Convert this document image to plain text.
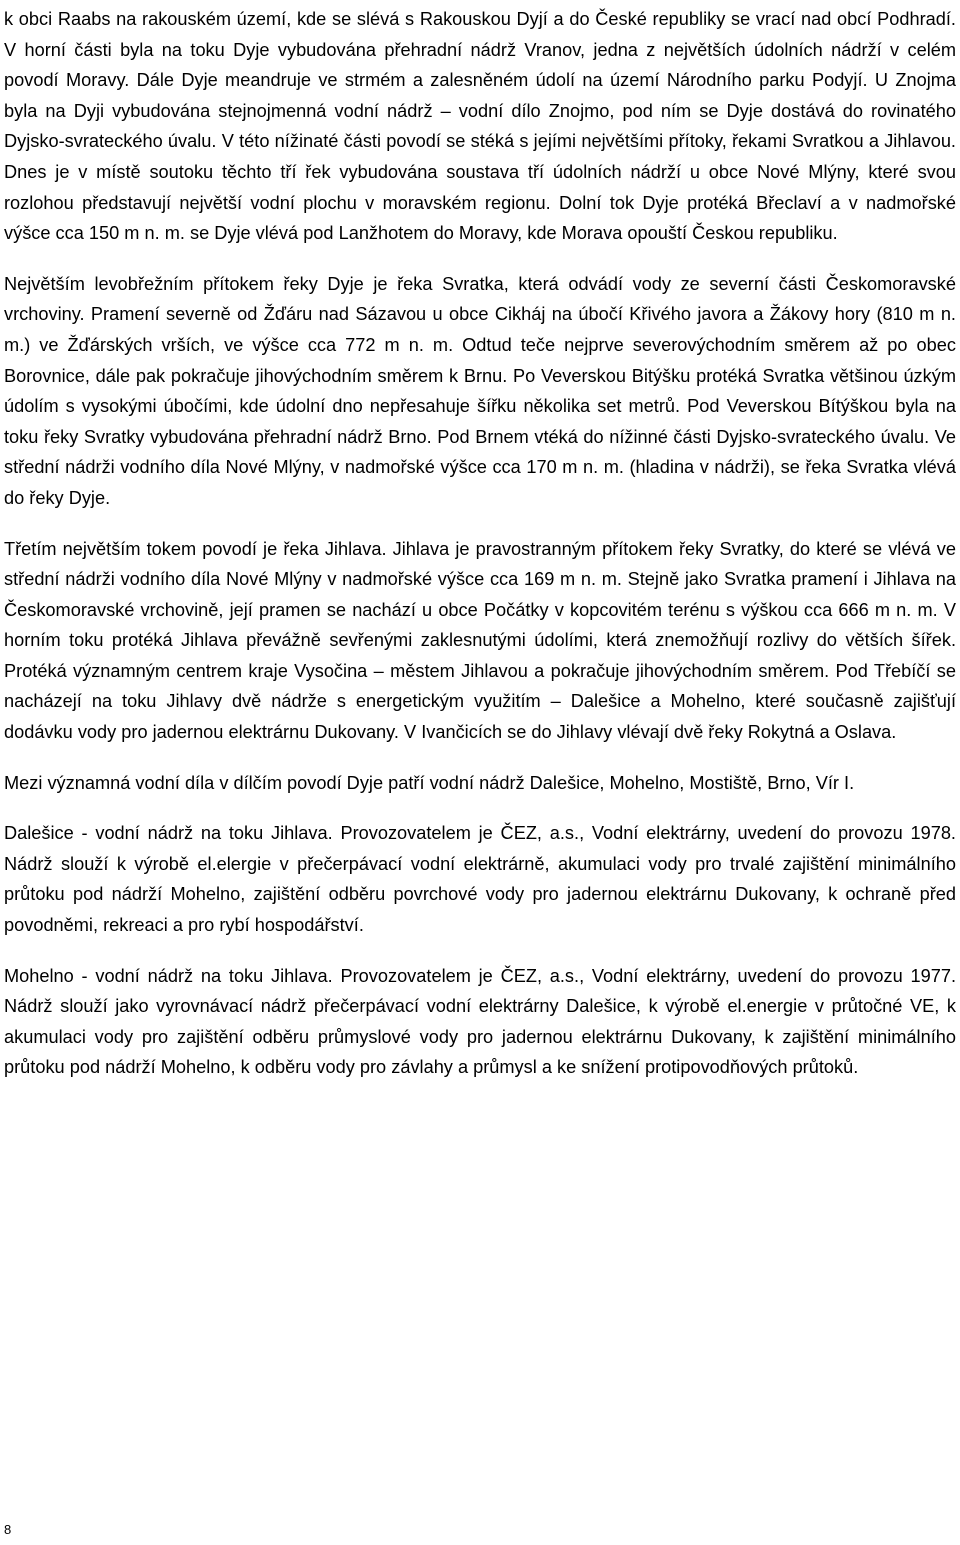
k obci Raabs na rakouském území, kde se slévá s Rakouskou Dyjí a do České republiky se vrací nad obcí Podhradí. V horní části byla na toku Dyje vybudována přehradní nádrž Vranov, jedna z největších údolních nádrží v celém povodí Moravy. Dále Dyje meandruje ve strmém a zalesněném údolí na území Národního parku Podyjí. U Znojma byla na Dyji vybudována stejnojmenná vodní nádrž – vodní dílo Znojmo, pod ním se Dyje dostává do rovinatého Dyjsko-svrateckého úvalu. V této nížinaté části povodí se stéká s jejími největšími přítoky, řekami Svratkou a Jihlavou. Dnes je v místě soutoku těchto tří řek vybudována soustava tří údolních nádrží u obce Nové Mlýny, které svou rozlohou představují největší vodní plochu v moravském regionu. Dolní tok Dyje protéká Břeclaví a v nadmořské výšce cca 150 m n. m. se Dyje vlévá pod Lanžhotem do Moravy, kde Morava opouští Českou republiku.

Největším levobřežním přítokem řeky Dyje je řeka Svratka, která odvádí vody ze severní části Českomoravské vrchoviny. Pramení severně od Žďáru nad Sázavou u obce Cikháj na úbočí Křivého javora a Žákovy hory (810 m n. m.) ve Žďárských vrších, ve výšce cca 772 m n. m. Odtud teče nejprve severovýchodním směrem až po obec Borovnice, dále pak pokračuje jihovýchodním směrem k Brnu. Po Veverskou Bitýšku protéká Svratka většinou úzkým údolím s vysokými úbočími, kde údolní dno nepřesahuje šířku několika set metrů. Pod Veverskou Bítýškou byla na toku řeky Svratky vybudována přehradní nádrž Brno. Pod Brnem vtéká do nížinné části Dyjsko-svrateckého úvalu. Ve střední nádrži vodního díla Nové Mlýny, v nadmořské výšce cca 170 m n. m. (hladina v nádrži), se řeka Svratka vlévá do řeky Dyje.

Třetím největším tokem povodí je řeka Jihlava. Jihlava je pravostranným přítokem řeky Svratky, do které se vlévá ve střední nádrži vodního díla Nové Mlýny v nadmořské výšce cca 169 m n. m. Stejně jako Svratka pramení i Jihlava na Českomoravské vrchovině, její pramen se nachází u obce Počátky v kopcovitém terénu s výškou cca 666 m n. m. V horním toku protéká Jihlava převážně sevřenými zaklesnutými údolími, která znemožňují rozlivy do větších šířek. Protéká významným centrem kraje Vysočina – městem Jihlavou a pokračuje jihovýchodním směrem. Pod Třebíčí se nacházejí na toku Jihlavy dvě nádrže s energetickým využitím – Dalešice a Mohelno, které současně zajišťují dodávku vody pro jadernou elektrárnu Dukovany. V Ivančicích se do Jihlavy vlévají dvě řeky Rokytná a Oslava.

Mezi významná vodní díla v dílčím povodí Dyje patří vodní nádrž Dalešice, Mohelno, Mostiště, Brno, Vír I.

Dalešice - vodní nádrž na toku Jihlava. Provozovatelem je ČEZ, a.s., Vodní elektrárny, uvedení do provozu 1978. Nádrž slouží k výrobě el.elergie v přečerpávací vodní elektrárně, akumulaci vody pro trvalé zajištění minimálního průtoku pod nádrží Mohelno, zajištění odběru povrchové vody pro jadernou elektrárnu Dukovany, k ochraně před povodněmi, rekreaci a pro rybí hospodářství.

Mohelno - vodní nádrž na toku Jihlava. Provozovatelem je ČEZ, a.s., Vodní elektrárny, uvedení do provozu 1977. Nádrž slouží jako vyrovnávací nádrž přečerpávací vodní elektrárny Dalešice, k výrobě el.energie v průtočné VE, k akumulaci vody pro zajištění odběru průmyslové vody pro jadernou elektrárnu Dukovany, k zajištění minimálního průtoku pod nádrží Mohelno, k odběru vody pro závlahy a průmysl a ke snížení protipovodňových průtoků.

8
